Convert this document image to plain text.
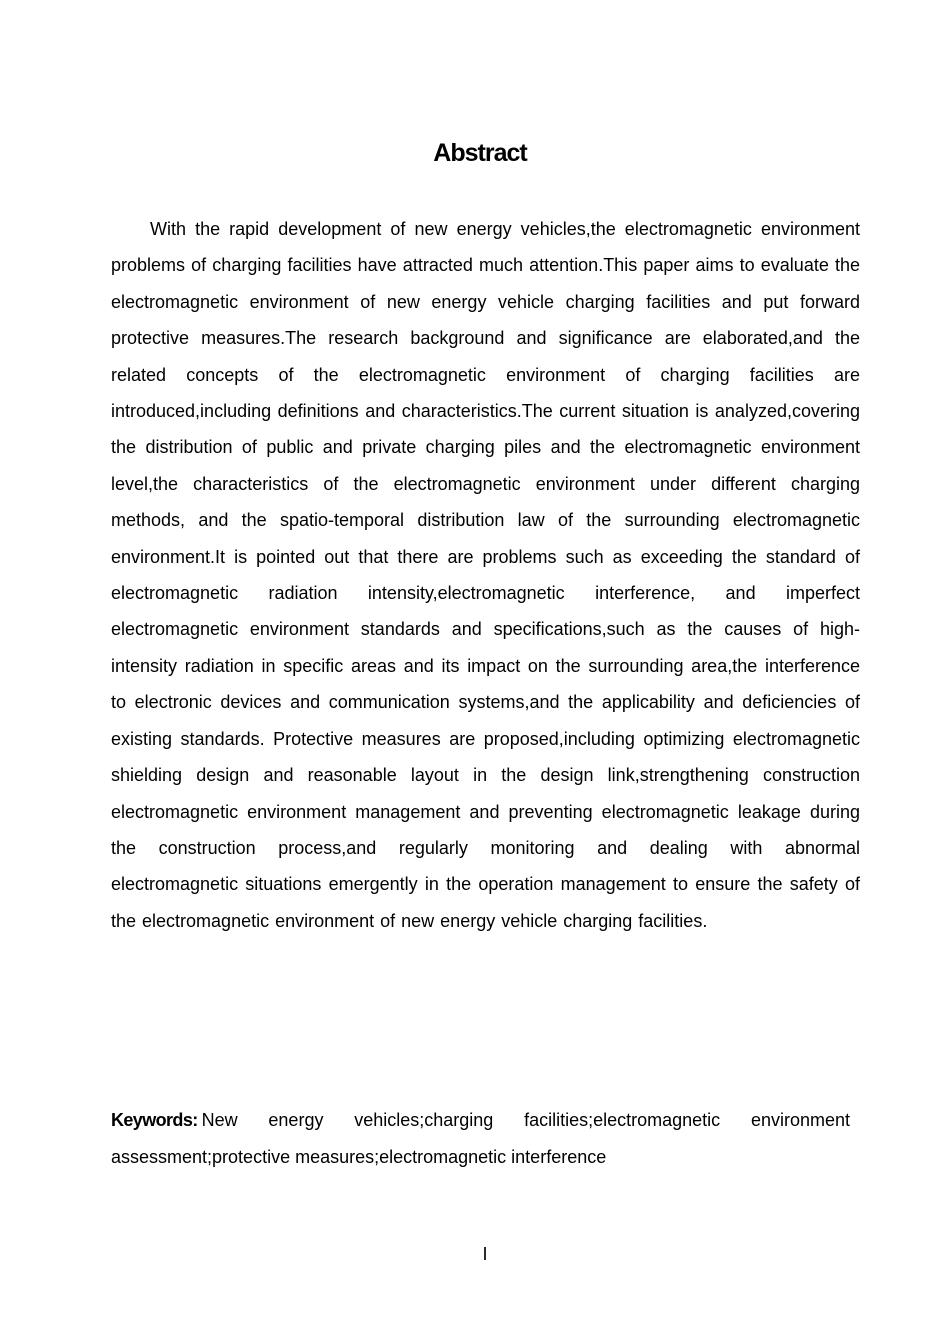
Abstract

With the rapid development of new energy vehicles,the electromagnetic environment problems of charging facilities have attracted much attention.This paper aims to evaluate the electromagnetic environment of new energy vehicle charging facilities and put forward protective measures.The research background and significance are elaborated,and the related concepts of the electromagnetic environment of charging facilities are introduced,including definitions and characteristics.The current situation is analyzed,covering the distribution of public and private charging piles and the electromagnetic environment level,the characteristics of the electromagnetic environment under different charging methods, and the spatio-temporal distribution law of the surrounding electromagnetic environment.It is pointed out that there are problems such as exceeding the standard of electromagnetic radiation intensity,electromagnetic interference, and imperfect electromagnetic environment standards and specifications,such as the causes of high-intensity radiation in specific areas and its impact on the surrounding area,the interference to electronic devices and communication systems,and the applicability and deficiencies of existing standards. Protective measures are proposed,including optimizing electromagnetic shielding design and reasonable layout in the design link,strengthening construction electromagnetic environment management and preventing electromagnetic leakage during the construction process,and regularly monitoring and dealing with abnormal electromagnetic situations emergently in the operation management to ensure the safety of the electromagnetic environment of new energy vehicle charging facilities.

Keywords: New energy vehicles;charging facilities;electromagnetic environment assessment;protective measures;electromagnetic interference

I
